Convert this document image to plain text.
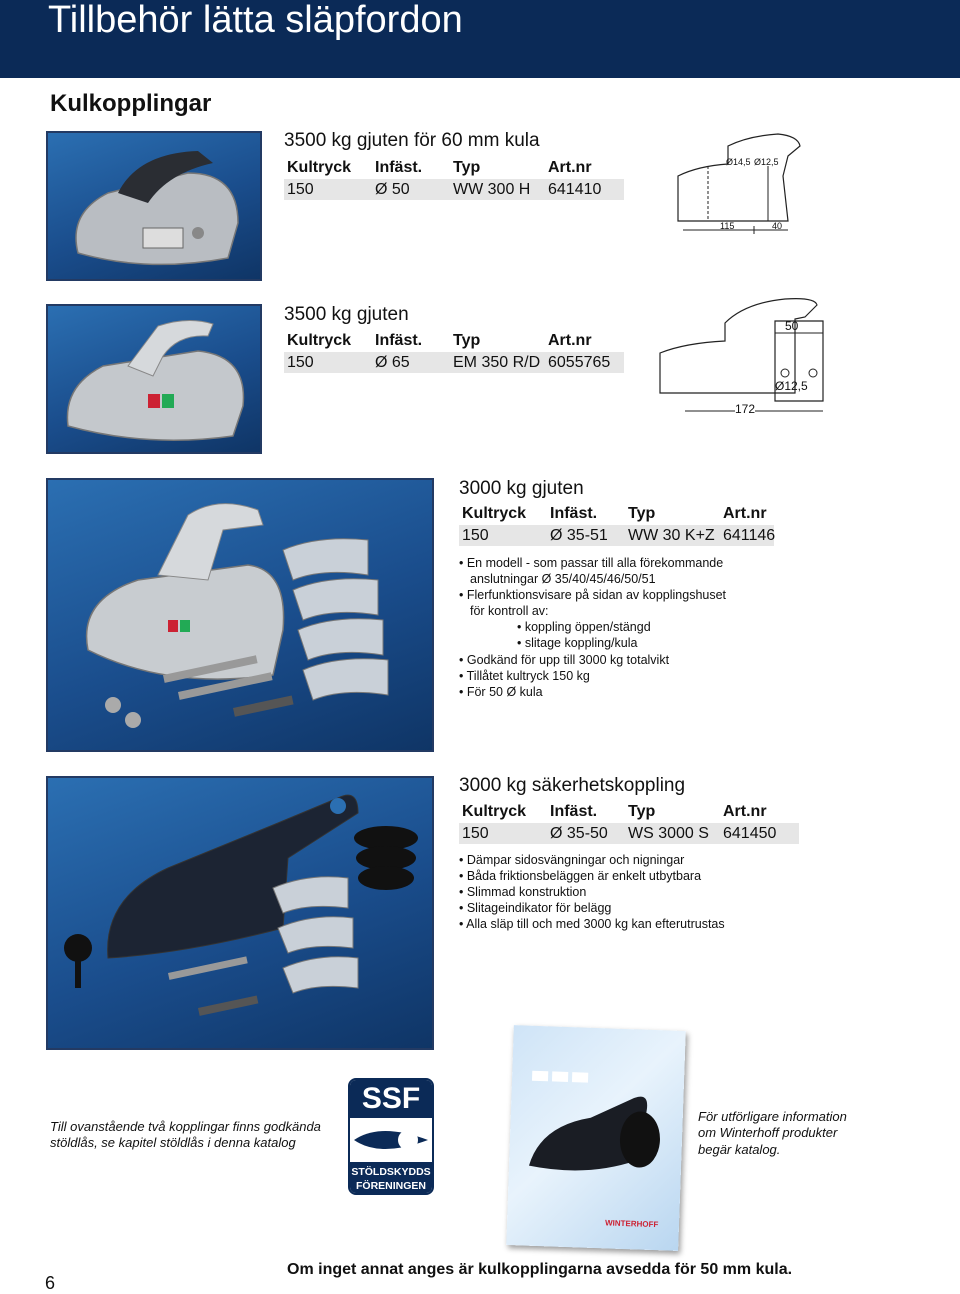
Tillbehör lätta släpfordon
Kulkopplingar
3500 kg gjuten för 60 mm kula
Kultryck Infäst. Typ	Art.nr
150	Ø 50	WW 300 H 641410
Ø14,5 Ø12,5
115	40
3500 kg gjuten
Kultryck Infäst. Typ	Art.nr
150	Ø 65	EM 350 R/D 6055765
50
Ø12,5
172
3000 kg gjuten
Kultryck Infäst. Typ	Art.nr
150	Ø 35-51 WW 30 K+Z 641146
• En modell - som passar till alla förekommande
anslutningar Ø 35/40/45/46/50/51
• Flerfunktionsvisare på sidan av kopplingshuset
för kontroll av:
• koppling öppen/stängd
• slitage koppling/kula
• Godkänd för upp till 3000 kg totalvikt
• Tillåtet kultryck 150 kg
• För 50 Ø kula
3000 kg säkerhetskoppling
Kultryck Infäst. Typ	Art.nr
150	Ø 35-50 WS 3000 S 641450
• Dämpar sidosvängningar och nigningar
• Båda friktionsbeläggen är enkelt utbytbara
• Slimmad konstruktion
• Slitageindikator för belägg
• Alla släp till och med 3000 kg kan efterutrustas
Till ovanstående två kopplingar finns godkända
stöldlås, se kapitel stöldlås i denna katalog
SSF
STÖLDSKYDDS
FÖRENINGEN
WINTERHOFF
För utförligare information
om Winterhoff produkter
begär katalog.
6
Om inget annat anges är kulkopplingarna avsedda för 50 mm kula.
